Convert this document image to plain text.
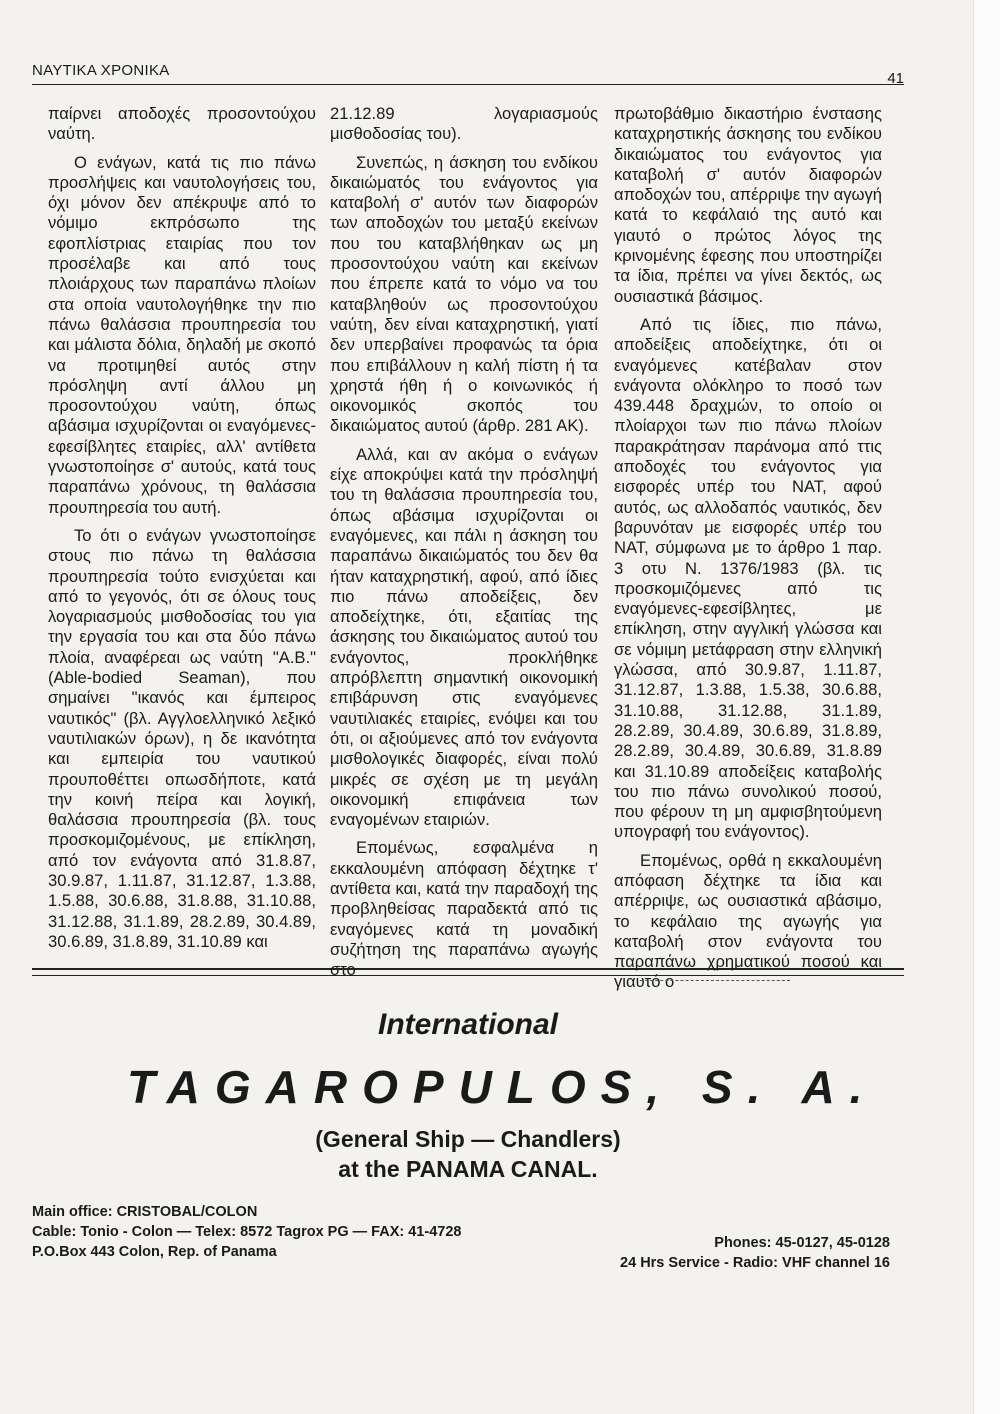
ΝΑΥΤΙΚΑ ΧΡΟΝΙΚΑ	41

παίρνει αποδοχές προσοντούχου ναύτη.

Ο ενάγων, κατά τις πιο πάνω προσλήψεις και ναυτολογήσεις του, όχι μόνον δεν απέκρυψε από το νόμιμο εκπρόσωπο της εφοπλίστριας εταιρίας που τον προσέλαβε και από τους πλοιάρχους των παραπάνω πλοίων στα οποία ναυτολογήθηκε την πιο πάνω θαλάσσια προυπηρεσία του και μάλιστα δόλια, δηλαδή με σκοπό να προτιμηθεί αυτός στην πρόσληψη αντί άλλου μη προσοντούχου ναύτη, όπως αβάσιμα ισχυρίζονται οι εναγόμενες-εφεσίβλητες εταιρίες, αλλ' αντίθετα γνωστοποίησε σ' αυτούς, κατά τους παραπάνω χρόνους, τη θαλάσσια προυπηρεσία του αυτή.

Το ότι ο ενάγων γνωστοποίησε στους πιο πάνω τη θαλάσσια προυπηρεσία τούτο ενισχύεται και από το γεγονός, ότι σε όλους τους λογαριασμούς μισθοδοσίας του για την εργασία του και στα δύο πάνω πλοία, αναφέρεαι ως ναύτη "A.B." (Able-bodied Seaman), που σημαίνει "ικανός και έμπειρος ναυτικός" (βλ. Αγγλοελληνικό λεξικό ναυτιλιακών όρων), η δε ικανότητα και εμπειρία του ναυτικού προυποθέττει οπωσδήποτε, κατά την κοινή πείρα και λογική, θαλάσσια προυπηρεσία (βλ. τους προσκομιζομένους, με επίκληση, από τον ενάγοντα από 31.8.87, 30.9.87, 1.11.87, 31.12.87, 1.3.88, 1.5.88, 30.6.88, 31.8.88, 31.10.88, 31.12.88, 31.1.89, 28.2.89, 30.4.89, 30.6.89, 31.8.89, 31.10.89 και

21.12.89 λογαριασμούς μισθοδοσίας του).

Συνεπώς, η άσκηση του ενδίκου δικαιώματός του ενάγοντος για καταβολή σ' αυτόν των διαφορών των αποδοχών του μεταξύ εκείνων που του καταβλήθηκαν ως μη προσοντούχου ναύτη και εκείνων που έπρεπε κατά το νόμο να του καταβληθούν ως προσοντούχου ναύτη, δεν είναι καταχρηστική, γιατί δεν υπερβαίνει προφανώς τα όρια που επιβάλλουν η καλή πίστη ή τα χρηστά ήθη ή ο κοινωνικός ή οικονομικός σκοπός του δικαιώματος αυτού (άρθρ. 281 ΑΚ).

Αλλά, και αν ακόμα ο ενάγων είχε αποκρύψει κατά την πρόσληψή του τη θαλάσσια προυπηρεσία του, όπως αβάσιμα ισχυρίζονται οι εναγόμενες, και πάλι η άσκηση του παραπάνω δικαιώματός του δεν θα ήταν καταχρηστική, αφού, από ίδιες πιο πάνω αποδείξεις, δεν αποδείχτηκε, ότι, εξαιτίας της άσκησης του δικαιώματος αυτού του ενάγοντος, προκλήθηκε απρόβλεπτη σημαντική οικονομική επιβάρυνση στις εναγόμενες ναυτιλιακές εταιρίες, ενόψει και του ότι, οι αξιούμενες από τον ενάγοντα μισθολογικές διαφορές, είναι πολύ μικρές σε σχέση με τη μεγάλη οικονομική επιφάνεια των εναγομένων εταιριών.

Επομένως, εσφαλμένα η εκκαλουμένη απόφαση δέχτηκε τ' αντίθετα και, κατά την παραδοχή της προβληθείσας παραδεκτά από τις εναγόμενες κατά τη μοναδική συζήτηση της παραπάνω αγωγής στο

πρωτοβάθμιο δικαστήριο ένστασης καταχρηστικής άσκησης του ενδίκου δικαιώματος του ενάγοντος για καταβολή σ' αυτόν διαφορών αποδοχών του, απέρριψε την αγωγή κατά το κεφάλαιό της αυτό και γιαυτό ο πρώτος λόγος της κρινομένης έφεσης που υποστηρίζει τα ίδια, πρέπει να γίνει δεκτός, ως ουσιαστικά βάσιμος.

Από τις ίδιες, πιο πάνω, αποδείξεις αποδείχτηκε, ότι οι εναγόμενες κατέβαλαν στον ενάγοντα ολόκληρο το ποσό των 439.448 δραχμών, το οποίο οι πλοίαρχοι των πιο πάνω πλοίων παρακράτησαν παράνομα από ττις αποδοχές του ενάγοντος για εισφορές υπέρ του ΝΑΤ, αφού αυτός, ως αλλοδαπός ναυτικός, δεν βαρυνόταν με εισφορές υπέρ του ΝΑΤ, σύμφωνα με το άρθρο 1 παρ. 3 οτυ Ν. 1376/1983 (βλ. τις προσκομιζόμενες από τις εναγόμενες-εφεσίβλητες, με επίκληση, στην αγγλική γλώσσα και σε νόμιμη μετάφραση στην ελληνική γλώσσα, από 30.9.87, 1.11.87, 31.12.87, 1.3.88, 1.5.38, 30.6.88, 31.10.88, 31.12.88, 31.1.89, 28.2.89, 30.4.89, 30.6.89, 31.8.89, 28.2.89, 30.4.89, 30.6.89, 31.8.89 και 31.10.89 αποδείξεις καταβολής του πιο πάνω συνολικού ποσού, που φέρουν τη μη αμφισβητούμενη υπογραφή του ενάγοντος).

Επομένως, ορθά η εκκαλουμένη απόφαση δέχτηκε τα ίδια και απέρριψε, ως ουσιαστικά αβάσιμο, το κεφάλαιο της αγωγής για καταβολή στον ενάγοντα του παραπάνω χρηματικού ποσού και γιαυτό ο

International
TAGAROPULOS, S. A.
(General Ship — Chandlers)
at the PANAMA CANAL.
Main office: CRISTOBAL/COLON
Cable: Tonio - Colon — Telex: 8572 Tagrox PG — FAX: 41-4728
P.O.Box 443 Colon, Rep. of Panama
Phones: 45-0127, 45-0128
24 Hrs Service - Radio: VHF channel 16
